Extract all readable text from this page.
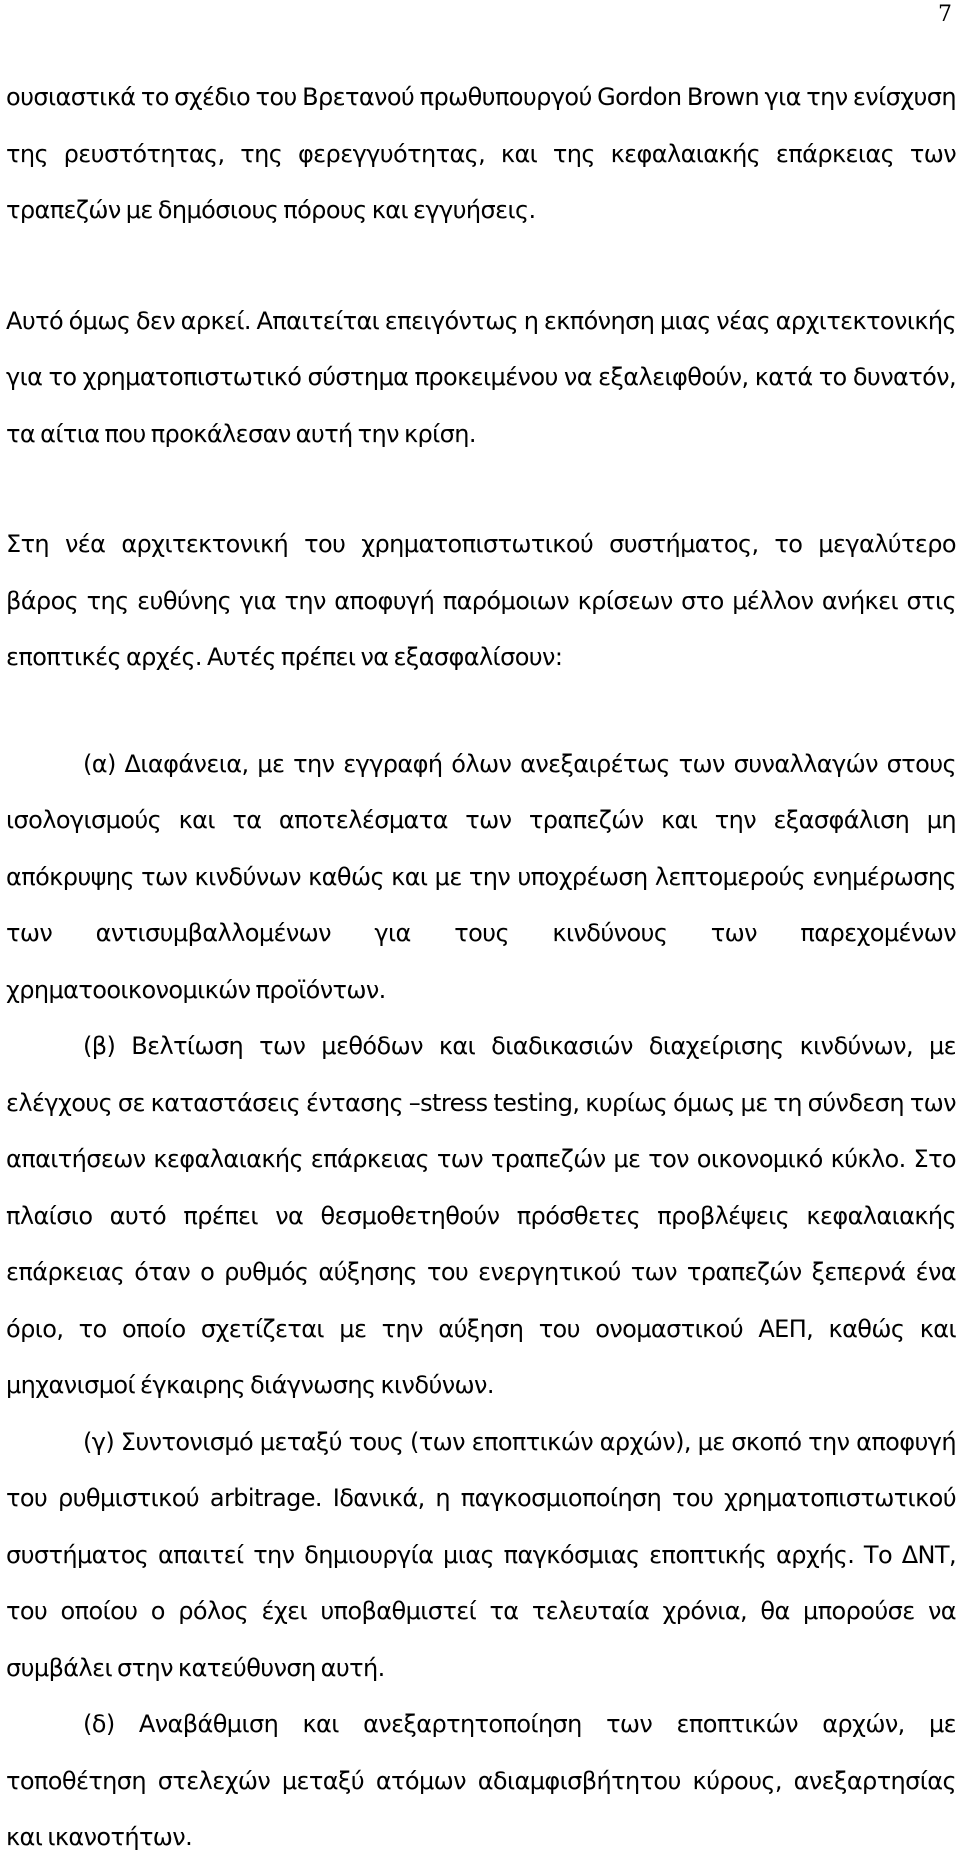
7

ουσιαστικά το σχέδιο του Βρετανού πρωθυπουργού Gordon Brown για την ενίσχυση της ρευστότητας, της φερεγγυότητας, και της κεφαλαιακής επάρκειας των τραπεζών με δημόσιους πόρους και εγγυήσεις.

Αυτό όμως δεν αρκεί. Απαιτείται επειγόντως η εκπόνηση μιας νέας αρχιτεκτονικής για το χρηματοπιστωτικό σύστημα προκειμένου να εξαλειφθούν, κατά το δυνατόν, τα αίτια που προκάλεσαν αυτή την κρίση.

Στη νέα αρχιτεκτονική του χρηματοπιστωτικού συστήματος, το μεγαλύτερο βάρος της ευθύνης για την αποφυγή παρόμοιων κρίσεων στο μέλλον ανήκει στις εποπτικές αρχές. Αυτές πρέπει να εξασφαλίσουν:

(α) Διαφάνεια, με την εγγραφή όλων ανεξαιρέτως των συναλλαγών στους ισολογισμούς και τα αποτελέσματα των τραπεζών και την εξασφάλιση μη απόκρυψης των κινδύνων καθώς και με την υποχρέωση λεπτομερούς ενημέρωσης των αντισυμβαλλομένων για τους κινδύνους των παρεχομένων χρηματοοικονομικών προϊόντων.

(β) Βελτίωση των μεθόδων και διαδικασιών διαχείρισης κινδύνων, με ελέγχους σε καταστάσεις έντασης –stress testing, κυρίως όμως με τη σύνδεση των απαιτήσεων κεφαλαιακής επάρκειας των τραπεζών με τον οικονομικό κύκλο. Στο πλαίσιο αυτό πρέπει να θεσμοθετηθούν πρόσθετες προβλέψεις κεφαλαιακής επάρκειας όταν ο ρυθμός αύξησης του ενεργητικού των τραπεζών ξεπερνά ένα όριο, το οποίο σχετίζεται με την αύξηση του ονομαστικού ΑΕΠ, καθώς και μηχανισμοί έγκαιρης διάγνωσης κινδύνων.

(γ) Συντονισμό μεταξύ τους (των εποπτικών αρχών), με σκοπό την αποφυγή του ρυθμιστικού arbitrage. Ιδανικά, η παγκοσμιοποίηση του χρηματοπιστωτικού συστήματος απαιτεί την δημιουργία μιας παγκόσμιας εποπτικής αρχής. Το ΔΝΤ, του οποίου ο ρόλος έχει υποβαθμιστεί τα τελευταία χρόνια, θα μπορούσε να συμβάλει στην κατεύθυνση αυτή.

(δ) Αναβάθμιση και ανεξαρτητοποίηση των εποπτικών αρχών, με τοποθέτηση στελεχών μεταξύ ατόμων αδιαμφισβήτητου κύρους, ανεξαρτησίας και ικανοτήτων.
